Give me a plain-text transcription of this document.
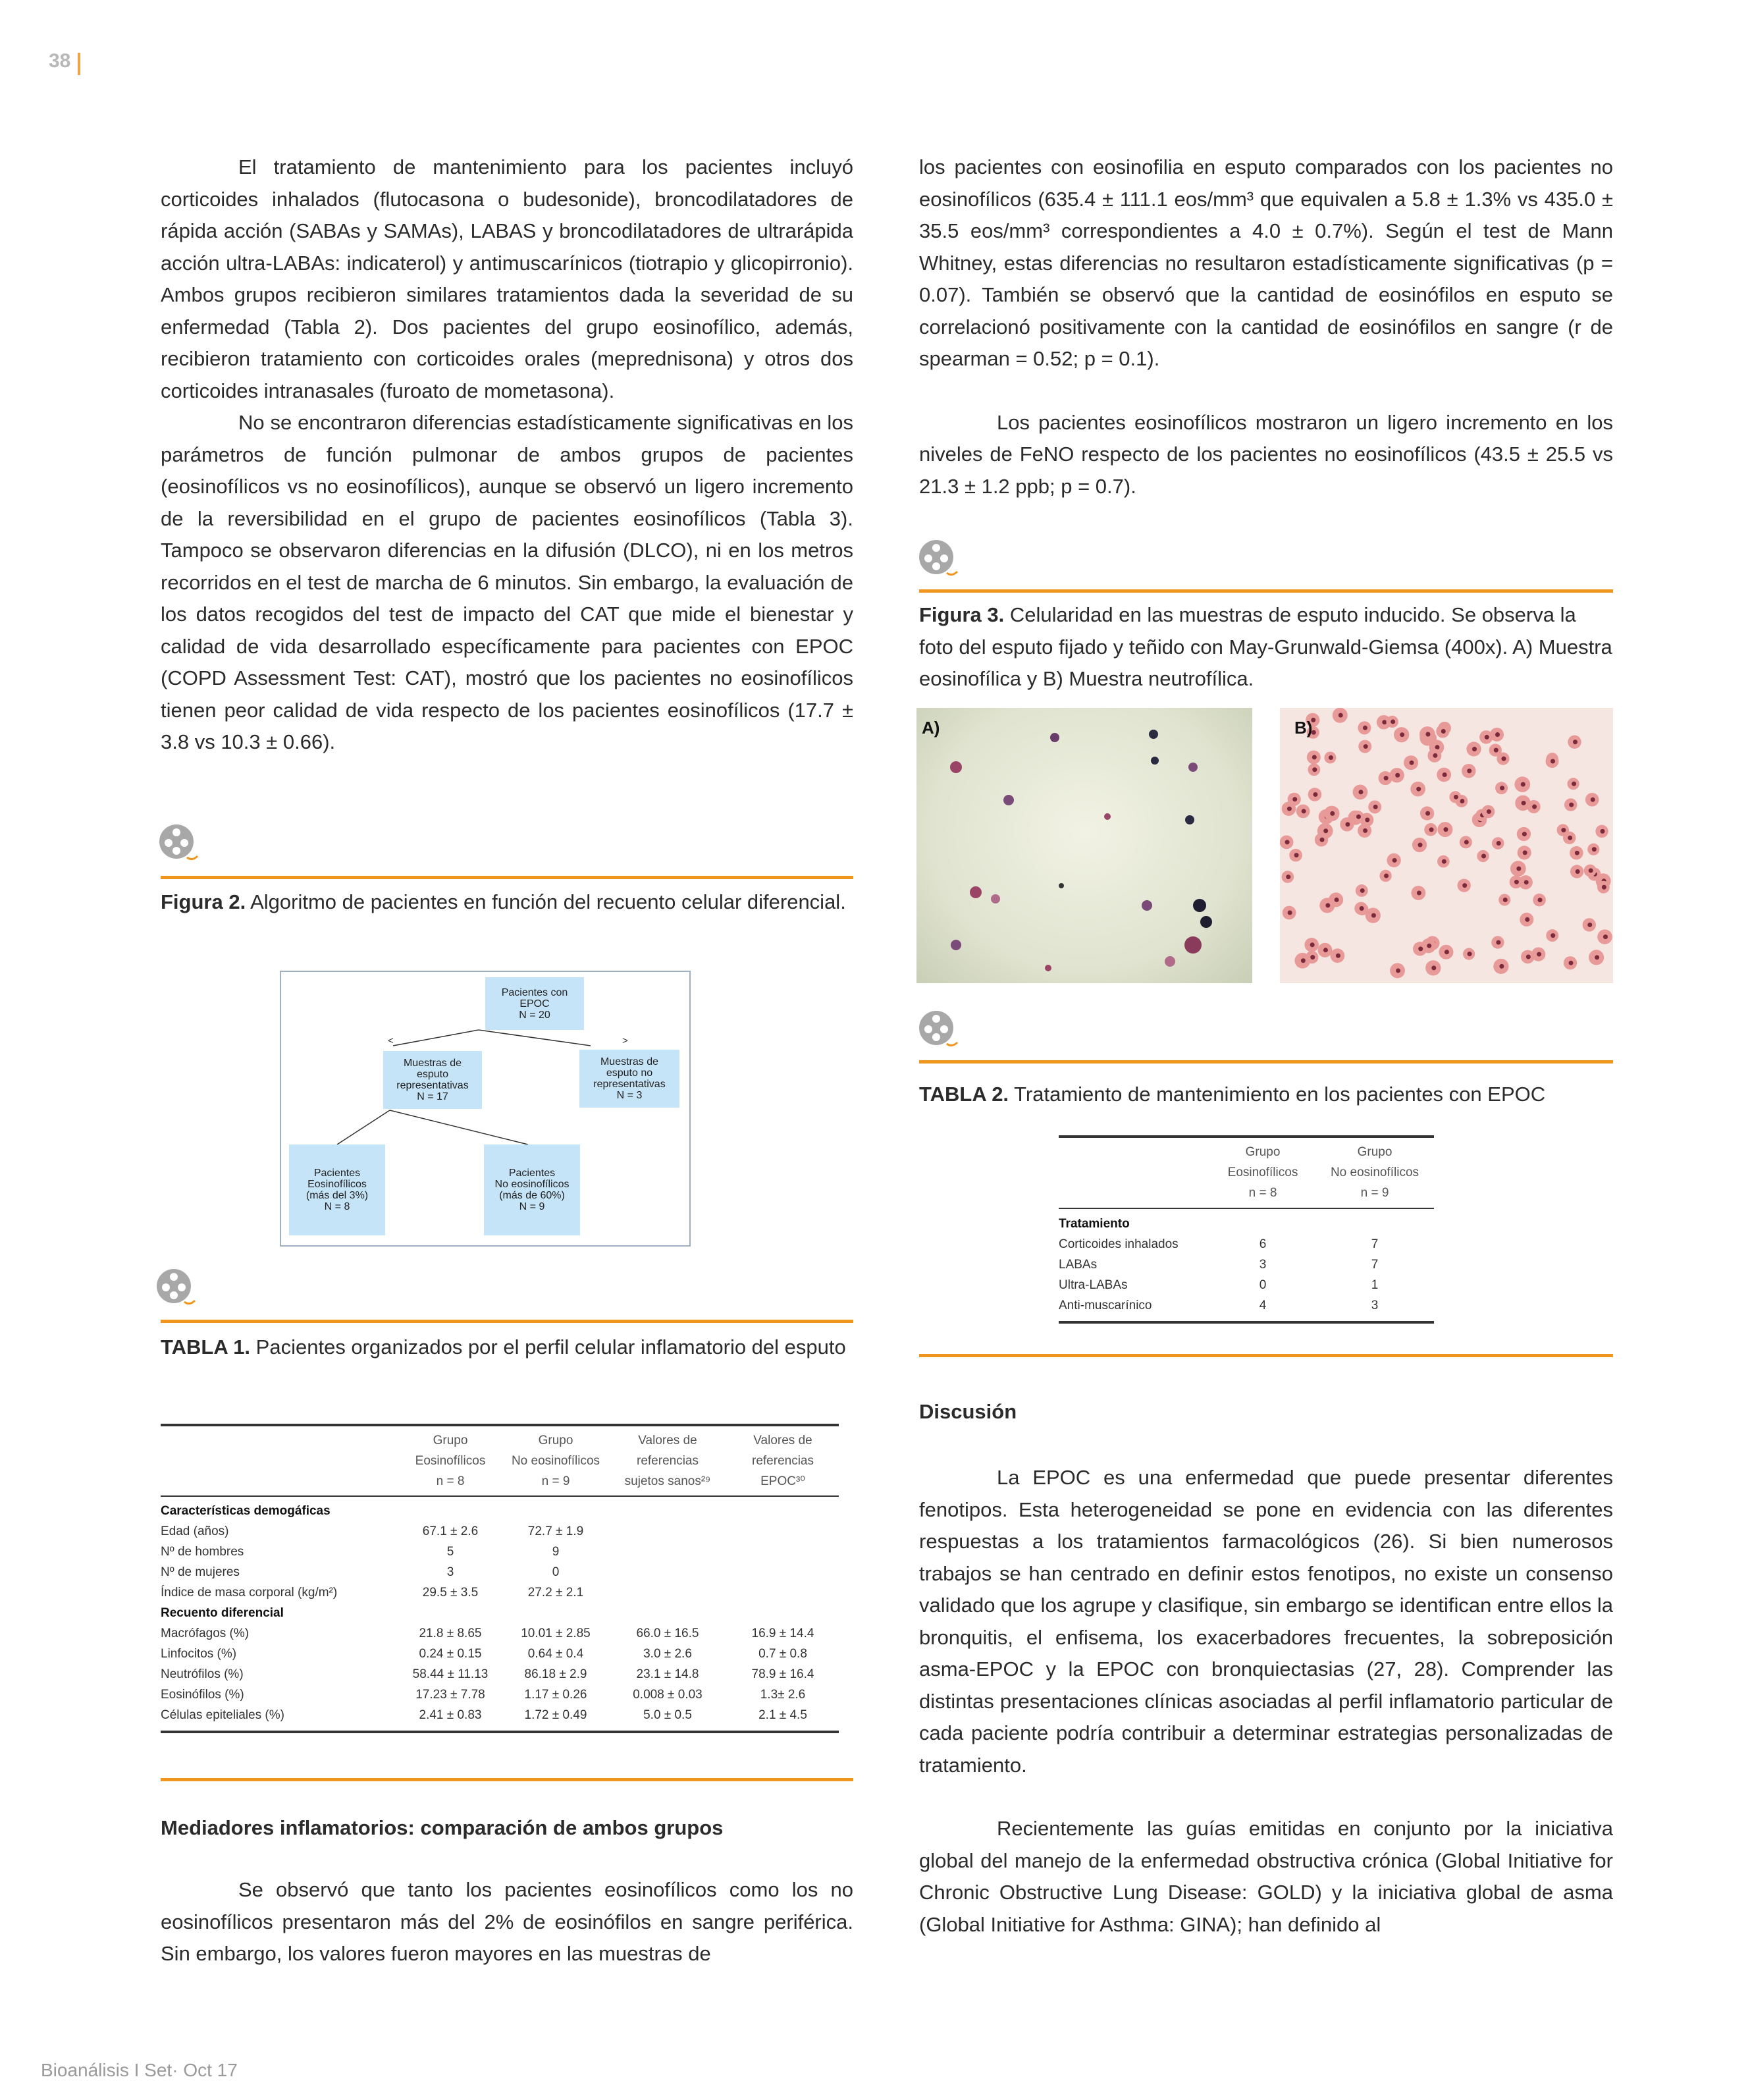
38

El tratamiento de mantenimiento para los pacientes incluyó corticoides inhalados (flutocasona o budesonide), broncodilatadores de rápida acción (SABAs y SAMAs), LABAS y broncodilatadores de ultrarápida acción ultra-LABAs: indicaterol) y antimuscarínicos (tiotrapio y glicopirronio). Ambos grupos recibieron similares tratamientos dada la severidad de su enfermedad (Tabla 2). Dos pacientes del grupo eosinofílico, además, recibieron tratamiento con corticoides orales (meprednisona) y otros dos corticoides intranasales (furoato de mometasona).

No se encontraron diferencias estadísticamente significativas en los parámetros de función pulmonar de ambos grupos de pacientes (eosinofílicos vs no eosinofílicos), aunque se observó un ligero incremento de la reversibilidad en el grupo de pacientes eosinofílicos (Tabla 3). Tampoco se observaron diferencias en la difusión (DLCO), ni en los metros recorridos en el test de marcha de 6 minutos. Sin embargo, la evaluación de los datos recogidos del test de impacto del CAT que mide el bienestar y calidad de vida desarrollado específicamente para pacientes con EPOC (COPD Assessment Test: CAT), mostró que los pacientes no eosinofílicos tienen peor calidad de vida respecto de los pacientes eosinofílicos (17.7 ± 3.8 vs 10.3 ± 0.66).

Figura 2. Algoritmo de pacientes en función del recuento celular diferencial.
<	>
Pacientes con
EPOC
N = 20
Muestras de
esputo
representativas
N = 17
Muestras de
esputo no
representativas
N = 3
Pacientes
Eosinofílicos
(más del 3%)
N = 8
Pacientes
No eosinofílicos
(más de 60%)
N = 9
TABLA 1. Pacientes organizados por el perfil celular inflamatorio del esputo
	Grupo	Grupo	Valores de	Valores de
	Eosinofílicos	No eosinofílicos	referencias	referencias
	n = 8	n = 9	sujetos sanos²⁹	EPOC³⁰

Características demogáficas				
Edad (años)	67.1 ± 2.6	72.7 ± 1.9		
Nº de hombres	5	9		
Nº de mujeres	3	0		
Índice de masa corporal (kg/m²)	29.5 ± 3.5	27.2 ± 2.1		
Recuento diferencial				
Macrófagos (%)	21.8 ± 8.65	10.01 ± 2.85	66.0 ± 16.5	16.9 ± 14.4
Linfocitos (%)	0.24 ± 0.15	0.64 ± 0.4	3.0 ± 2.6	0.7 ± 0.8
Neutrófilos (%)	58.44 ± 11.13	86.18 ± 2.9	23.1 ± 14.8	78.9 ± 16.4
Eosinófilos (%)	17.23 ± 7.78	1.17 ± 0.26	0.008 ± 0.03	1.3± 2.6
Células epiteliales (%)	2.41 ± 0.83	1.72 ± 0.49	5.0 ± 0.5	2.1 ± 4.5
Mediadores inflamatorios: comparación de ambos grupos

Se observó que tanto los pacientes eosinofílicos como los no eosinofílicos presentaron más del 2% de eosinófilos en sangre periférica. Sin embargo, los valores fueron mayores en las muestras de

los pacientes con eosinofilia en esputo comparados con los pacientes no eosinofílicos (635.4 ± 111.1 eos/mm³ que equivalen a 5.8 ± 1.3% vs 435.0 ± 35.5 eos/mm³ correspondientes a 4.0 ± 0.7%). Según el test de Mann Whitney, estas diferencias no resultaron estadísticamente significativas (p = 0.07). También se observó que la cantidad de eosinófilos en esputo se correlacionó positivamente con la cantidad de eosinófilos en sangre (r de spearman = 0.52; p = 0.1).

Los pacientes eosinofílicos mostraron un ligero incremento en los niveles de FeNO respecto de los pacientes no eosinofílicos (43.5 ± 25.5 vs 21.3 ± 1.2 ppb; p = 0.7).

Figura 3. Celularidad en las muestras de esputo inducido. Se observa la foto del esputo fijado y teñido con May-Grunwald-Giemsa (400x). A) Muestra eosinofílica y B) Muestra neutrofílica.
A)	B)
TABLA 2. Tratamiento de mantenimiento en los pacientes con EPOC
	Grupo	Grupo
	Eosinofílicos	No eosinofílicos
	n = 8	n = 9

Tratamiento		
Corticoides inhalados	6	7
LABAs	3	7
Ultra-LABAs	0	1
Anti-muscarínico	4	3
Discusión

La EPOC es una enfermedad que puede presentar diferentes fenotipos. Esta heterogeneidad se pone en evidencia con las diferentes respuestas a los tratamientos farmacológicos (26). Si bien numerosos trabajos se han centrado en definir estos fenotipos, no existe un consenso validado que los agrupe y clasifique, sin embargo se identifican entre ellos la bronquitis, el enfisema, los exacerbadores frecuentes, la sobreposición asma-EPOC y la EPOC con bronquiectasias (27, 28). Comprender las distintas presentaciones clínicas asociadas al perfil inflamatorio particular de cada paciente podría contribuir a determinar estrategias personalizadas de tratamiento.

Recientemente las guías emitidas en conjunto por la iniciativa global del manejo de la enfermedad obstructiva crónica (Global Initiative for Chronic Obstructive Lung Disease: GOLD) y la iniciativa global de asma (Global Initiative for Asthma: GINA); han definido al

Bioanálisis I Set· Oct 17
